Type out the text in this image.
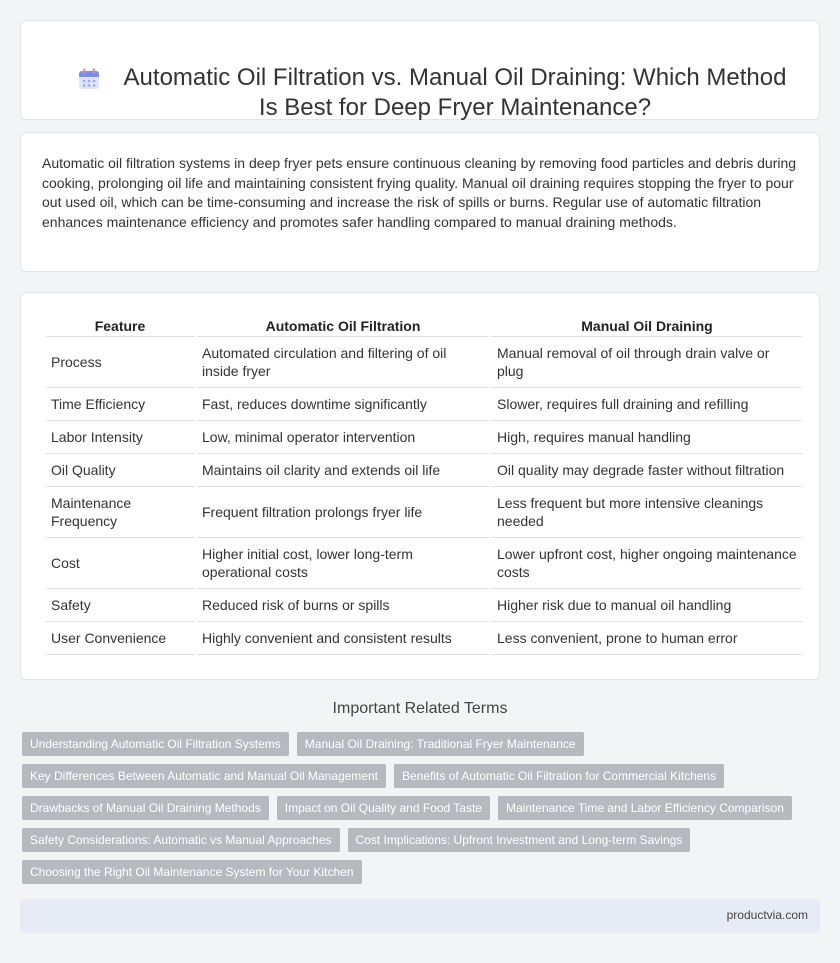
Automatic Oil Filtration vs. Manual Oil Draining: Which Method Is Best for Deep Fryer Maintenance?

Automatic oil filtration systems in deep fryer pets ensure continuous cleaning by removing food particles and debris during cooking, prolonging oil life and maintaining consistent frying quality. Manual oil draining requires stopping the fryer to pour out used oil, which can be time-consuming and increase the risk of spills or burns. Regular use of automatic filtration enhances maintenance efficiency and promotes safer handling compared to manual draining methods.

Feature	Automatic Oil Filtration	Manual Oil Draining
Process	Automated circulation and filtering of oil inside fryer	Manual removal of oil through drain valve or plug
Time Efficiency	Fast, reduces downtime significantly	Slower, requires full draining and refilling
Labor Intensity	Low, minimal operator intervention	High, requires manual handling
Oil Quality	Maintains oil clarity and extends oil life	Oil quality may degrade faster without filtration
Maintenance Frequency	Frequent filtration prolongs fryer life	Less frequent but more intensive cleanings needed
Cost	Higher initial cost, lower long-term operational costs	Lower upfront cost, higher ongoing maintenance costs
Safety	Reduced risk of burns or spills	Higher risk due to manual oil handling
User Convenience	Highly convenient and consistent results	Less convenient, prone to human error
Important Related Terms
Understanding Automatic Oil Filtration Systems	Manual Oil Draining: Traditional Fryer Maintenance
Key Differences Between Automatic and Manual Oil Management	Benefits of Automatic Oil Filtration for Commercial Kitchens
Drawbacks of Manual Oil Draining Methods	Impact on Oil Quality and Food Taste	Maintenance Time and Labor Efficiency Comparison
Safety Considerations: Automatic vs Manual Approaches	Cost Implications: Upfront Investment and Long-term Savings
Choosing the Right Oil Maintenance System for Your Kitchen
productvia.com
